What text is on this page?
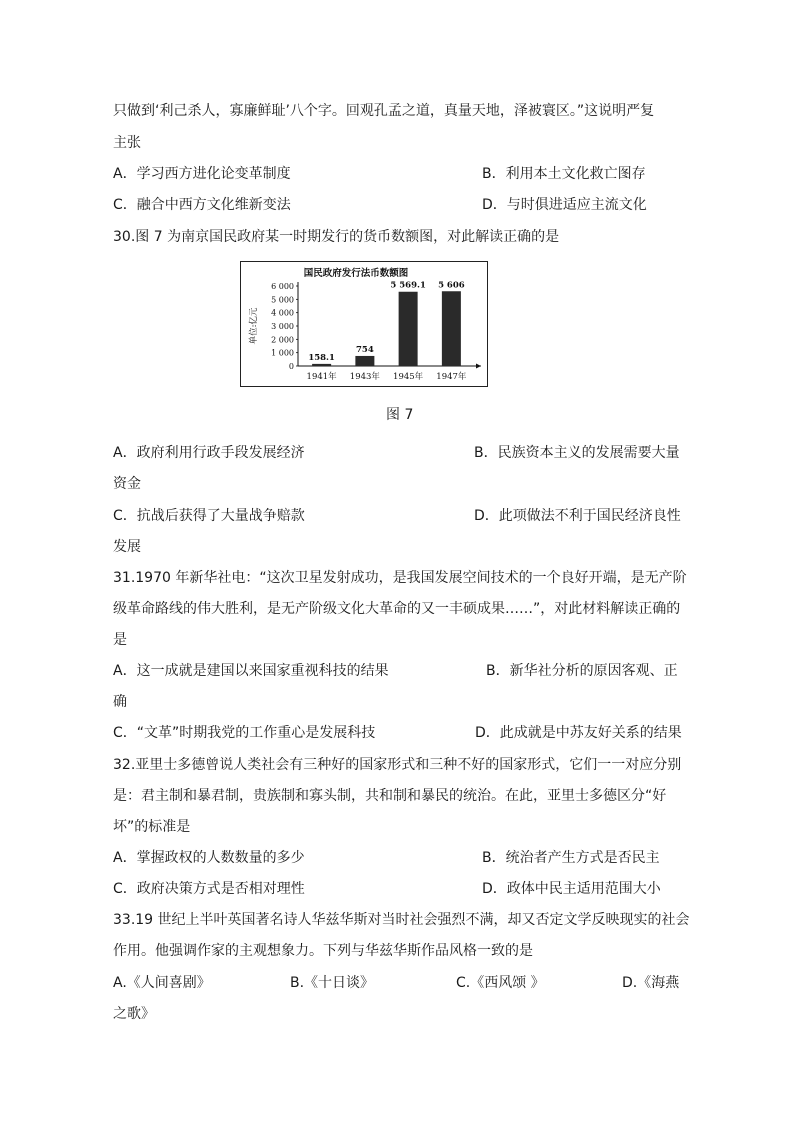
只做到‘利己杀人，寡廉鲜耻’八个字。回观孔孟之道，真量天地，泽被寰区。”这说明严复
主张
A．学习西方进化论变革制度	B．利用本土文化救亡图存
C．融合中西方文化维新变法	D．与时俱进适应主流文化
30.图 7 为南京国民政府某一时期发行的货币数额图，对此解读正确的是
国民政府发行法币数额图
单位:亿元
0
1 000
2 000
3 000
4 000
5 000
6 000
158.1
1941年
754
1943年
5 569.1
1945年
5 606
1947年
图 7
A．政府利用行政手段发展经济	B．民族资本主义的发展需要大量
资金
C．抗战后获得了大量战争赔款	D．此项做法不利于国民经济良性
发展
31.1970 年新华社电：“这次卫星发射成功，是我国发展空间技术的一个良好开端，是无产阶
级革命路线的伟大胜利，是无产阶级文化大革命的又一丰硕成果……”，对此材料解读正确的
是
A．这一成就是建国以来国家重视科技的结果	B．新华社分析的原因客观、正
确
C．“文革”时期我党的工作重心是发展科技	D．此成就是中苏友好关系的结果
32.亚里士多德曾说人类社会有三种好的国家形式和三种不好的国家形式，它们一一对应分别
是：君主制和暴君制，贵族制和寡头制，共和制和暴民的统治。在此，亚里士多德区分“好
坏”的标准是
A．掌握政权的人数数量的多少	B．统治者产生方式是否民主
C．政府决策方式是否相对理性	D．政体中民主适用范围大小
33.19 世纪上半叶英国著名诗人华兹华斯对当时社会强烈不满，却又否定文学反映现实的社会
作用。他强调作家的主观想象力。下列与华兹华斯作品风格一致的是
A.《人间喜剧》	B.《十日谈》	C.《西风颂 》	D.《海燕
之歌》
